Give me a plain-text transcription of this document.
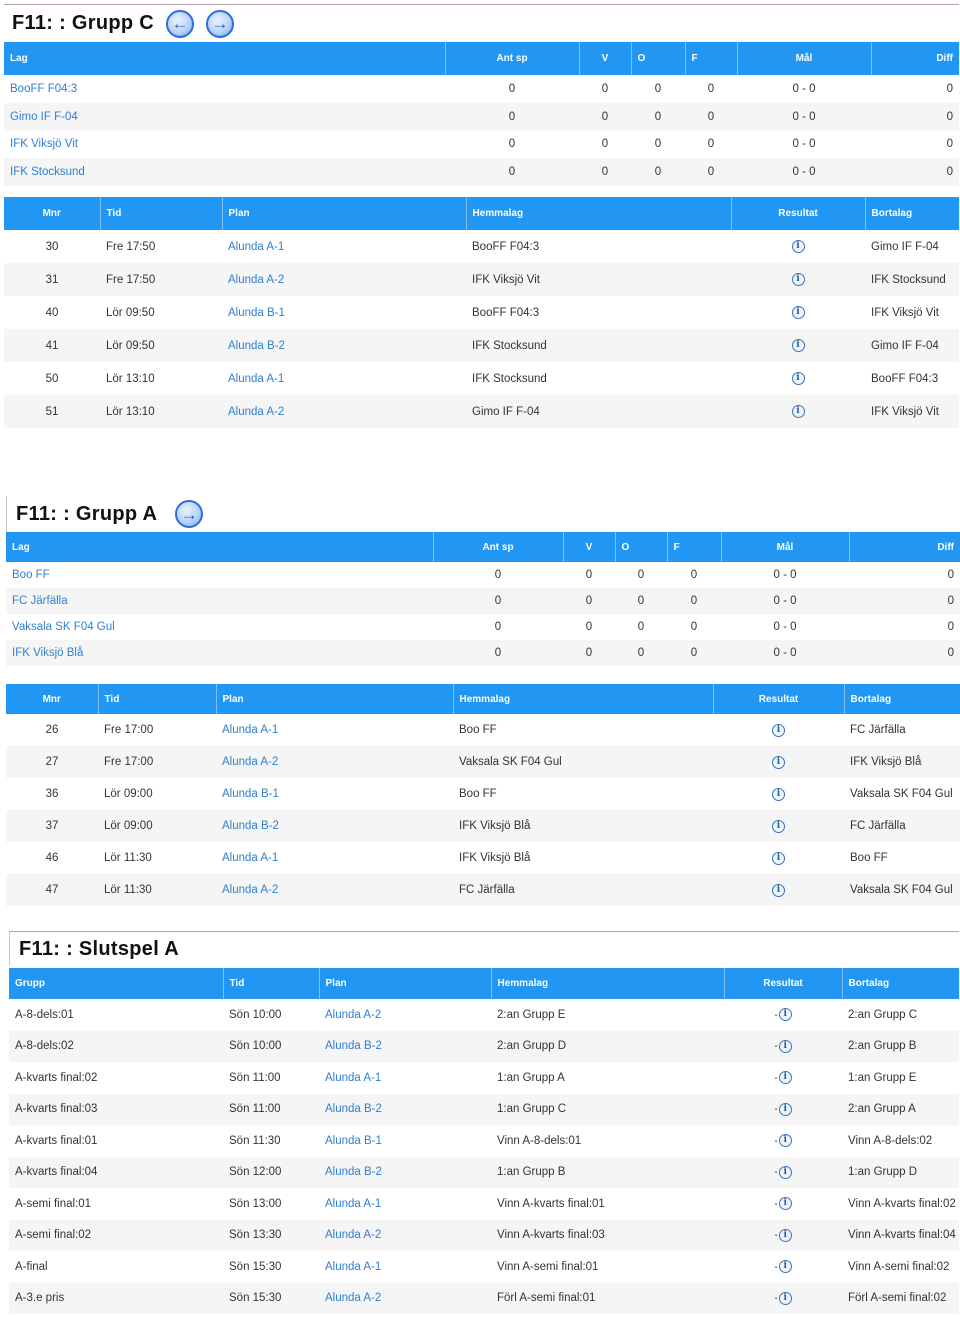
F11: : Grupp C	←	→
Lag	Ant sp	V	O	F	Mål	Diff
BooFF F04:3	0	0	0	0	0 - 0	0
Gimo IF F-04	0	0	0	0	0 - 0	0
IFK Viksjö Vit	0	0	0	0	0 - 0	0
IFK Stocksund	0	0	0	0	0 - 0	0
Mnr	Tid	Plan	Hemmalag	Resultat	Bortalag
30	Fre 17:50	Alunda A-1	BooFF F04:3	i	Gimo IF F-04
31	Fre 17:50	Alunda A-2	IFK Viksjö Vit	i	IFK Stocksund
40	Lör 09:50	Alunda B-1	BooFF F04:3	i	IFK Viksjö Vit
41	Lör 09:50	Alunda B-2	IFK Stocksund	i	Gimo IF F-04
50	Lör 13:10	Alunda A-1	IFK Stocksund	i	BooFF F04:3
51	Lör 13:10	Alunda A-2	Gimo IF F-04	i	IFK Viksjö Vit
F11: : Grupp A	→
Lag	Ant sp	V	O	F	Mål	Diff
Boo FF	0	0	0	0	0 - 0	0
FC Järfälla	0	0	0	0	0 - 0	0
Vaksala SK F04 Gul	0	0	0	0	0 - 0	0
IFK Viksjö Blå	0	0	0	0	0 - 0	0
Mnr	Tid	Plan	Hemmalag	Resultat	Bortalag
26	Fre 17:00	Alunda A-1	Boo FF	i	FC Järfälla
27	Fre 17:00	Alunda A-2	Vaksala SK F04 Gul	i	IFK Viksjö Blå
36	Lör 09:00	Alunda B-1	Boo FF	i	Vaksala SK F04 Gul
37	Lör 09:00	Alunda B-2	IFK Viksjö Blå	i	FC Järfälla
46	Lör 11:30	Alunda A-1	IFK Viksjö Blå	i	Boo FF
47	Lör 11:30	Alunda A-2	FC Järfälla	i	Vaksala SK F04 Gul
F11: : Slutspel A
Grupp	Tid	Plan	Hemmalag	Resultat	Bortalag
A-8-dels:01	Sön 10:00	Alunda A-2	2:an Grupp E	- i	2:an Grupp C
A-8-dels:02	Sön 10:00	Alunda B-2	2:an Grupp D	- i	2:an Grupp B
A-kvarts final:02	Sön 11:00	Alunda A-1	1:an Grupp A	- i	1:an Grupp E
A-kvarts final:03	Sön 11:00	Alunda B-2	1:an Grupp C	- i	2:an Grupp A
A-kvarts final:01	Sön 11:30	Alunda B-1	Vinn A-8-dels:01	- i	Vinn A-8-dels:02
A-kvarts final:04	Sön 12:00	Alunda B-2	1:an Grupp B	- i	1:an Grupp D
A-semi final:01	Sön 13:00	Alunda A-1	Vinn A-kvarts final:01	- i	Vinn A-kvarts final:02
A-semi final:02	Sön 13:30	Alunda A-2	Vinn A-kvarts final:03	- i	Vinn A-kvarts final:04
A-final	Sön 15:30	Alunda A-1	Vinn A-semi final:01	- i	Vinn A-semi final:02
A-3.e pris	Sön 15:30	Alunda A-2	Förl A-semi final:01	- i	Förl A-semi final:02
